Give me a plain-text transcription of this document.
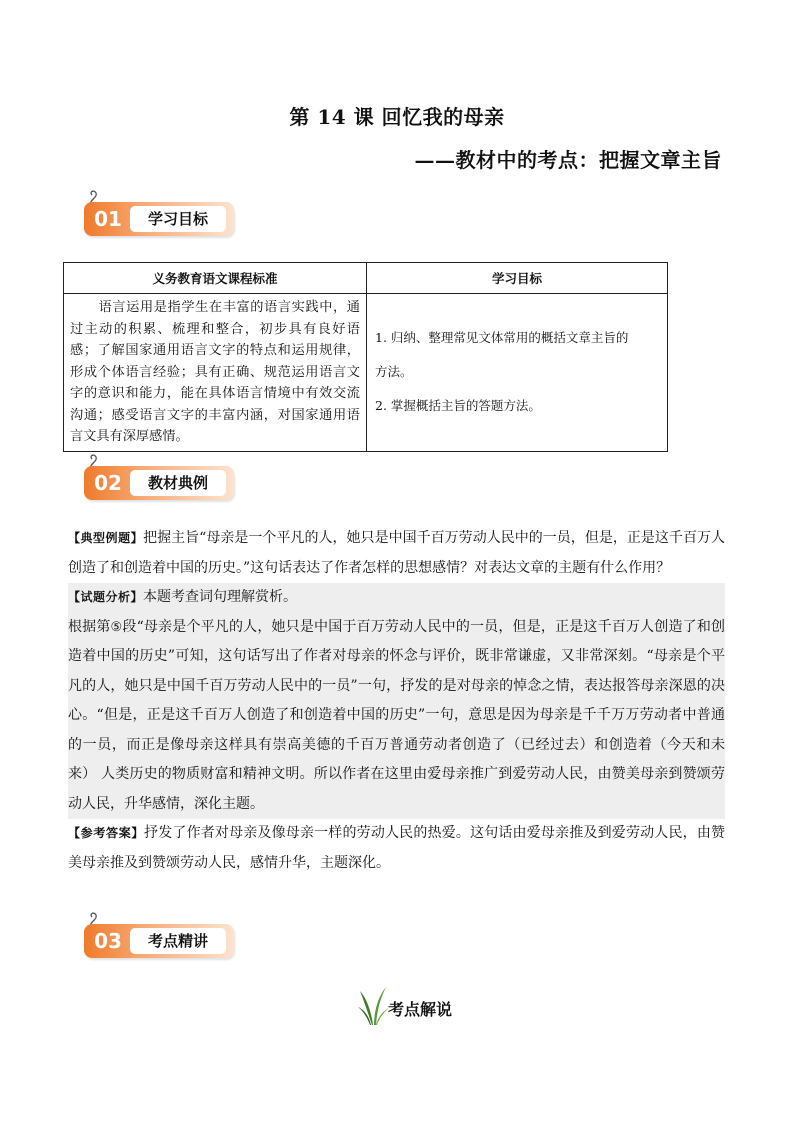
第 14 课 回忆我的母亲
——教材中的考点：把握文章主旨
01	学习目标
义务教育语文课程标准	学习目标
语言运用是指学生在丰富的语言实践中，通过主动的积累、梳理和整合，初步具有良好语感；了解国家通用语言文字的特点和运用规律，形成个体语言经验；具有正确、规范运用语言文字的意识和能力，能在具体语言情境中有效交流沟通；感受语言文字的丰富内涵，对国家通用语言文具有深厚感情。	1. 归纳、整理常见文体常用的概括文章主旨的

方法。

2. 掌握概括主旨的答题方法。

02	教材典例

【典型例题】把握主旨“母亲是一个平凡的人，她只是中国千百万劳动人民中的一员，但是，正是这千百万人创造了和创造着中国的历史。”这句话表达了作者怎样的思想感情？对表达文章的主题有什么作用？

【试题分析】本题考查词句理解赏析。

根据第⑤段“母亲是个平凡的人，她只是中国于百万劳动人民中的一员，但是，正是这千百万人创造了和创造着中国的历史”可知，这句话写出了作者对母亲的怀念与评价，既非常谦虚，又非常深刻。“母亲是个平凡的人，她只是中国千百万劳动人民中的一员”一句，抒发的是对母亲的悼念之情，表达报答母亲深恩的决心。“但是，正是这千百万人创造了和创造着中国的历史”一句，意思是因为母亲是千千万万劳动者中普通的一员，而正是像母亲这样具有崇高美德的千百万普通劳动者创造了（已经过去）和创造着（今天和未来） 人类历史的物质财富和精神文明。所以作者在这里由爱母亲推广到爱劳动人民，由赞美母亲到赞颂劳动人民，升华感情，深化主题。

【参考答案】抒发了作者对母亲及像母亲一样的劳动人民的热爱。这句话由爱母亲推及到爱劳动人民，由赞美母亲推及到赞颂劳动人民，感情升华，主题深化。

03	考点精讲
考点解说
